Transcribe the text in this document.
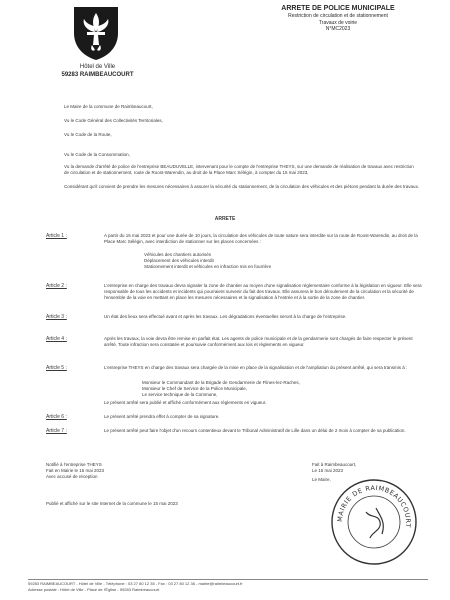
Hôtel de Ville
59283 RAIMBEAUCOURT
ARRETE DE POLICE MUNICIPALE
Restriction de circulation et de stationnement
Travaux de voirie
N°MC2023
Le Maire de la commune de Raimbeaucourt,
Vu le Code Général des Collectivités Territoriales,
Vu le Code de la Route,
Vu le Code de la Consommation,
Vu la demande d'arrêté de police de l'entreprise BEAUDUVELLE, intervenant pour le compte de l'entreprise THEYS, sur une demande de réalisation de travaux avec restriction de circulation et de stationnement, route de Roost-Warendin, au droit de la Place Marc Sélégin, à compter du 15 mai 2023,
Considérant qu'il convient de prendre les mesures nécessaires à assurer la sécurité du stationnement, de la circulation des véhicules et des piétons pendant la durée des travaux.
ARRETE
Article 1 :	A partir du 15 mai 2023 et pour une durée de 10 jours, la circulation des véhicules de toute nature sera interdite sur la route de Roost-Warendin, au droit de la Place Marc Sélégin, avec interdiction de stationner sur les places concernées :

Véhicules des chantiers autorisés

Déplacement des véhicules interdit

Stationnement interdit et véhicules en infraction mis en fourrière

Article 2 :	L'entreprise en charge des travaux devra signaler la zone de chantier au moyen d'une signalisation réglementaire conforme à la législation en vigueur. Elle sera responsable de tous les accidents et incidents qui pourraient survenir du fait des travaux. Elle assurera le bon déroulement de la circulation et la sécurité de l'ensemble de la voie en mettant en place les mesures nécessaires et la signalisation à l'entrée et à la sortie de la zone de chantier.
Article 3 :	Un état des lieux sera effectué avant et après les travaux. Les dégradations éventuelles seront à la charge de l'entreprise.
Article 4 :	Après les travaux, la voie devra être remise en parfait état. Les agents de police municipale et de la gendarmerie sont chargés de faire respecter le présent arrêté. Toute infraction sera constatée et poursuivie conformément aux lois et règlements en vigueur.
Article 5 :	L'entreprise THEYS en charge des travaux sera chargée de la mise en place de la signalisation et de l'ampliation du présent arrêté, qui sera transmis à :

Monsieur le Commandant de la Brigade de Gendarmerie de Flines-lez-Raches,

Monsieur le Chef de Service de la Police Municipale,

Le service technique de la Commune,

Le présent arrêté sera publié et affiché conformément aux règlements en vigueur.
Article 6 :	Le présent arrêté prendra effet à compter de sa signature.
Article 7 :	Le présent arrêté peut faire l'objet d'un recours contentieux devant le Tribunal Administratif de Lille dans un délai de 2 mois à compter de sa publication.

Notifié à l'entreprise THEYS

Fait en Mairie le 15 mai 2023

Avec accusé de réception

Fait à Raimbeaucourt,

Le 15 mai 2023

Le Maire,

Publié et affiché sur le site Internet de la commune le 15 mai 2023
MAIRIE DE RAIMBEAUCOURT

59283 RAIMBEAUCOURT - Hôtel de Ville - Téléphone : 03 27 80 12 35 - Fax : 03 27 80 12 36 - mairie@raimbeaucourt.fr

Adresse postale : Hôtel de Ville - Place de l'Église - 59283 Raimbeaucourt
